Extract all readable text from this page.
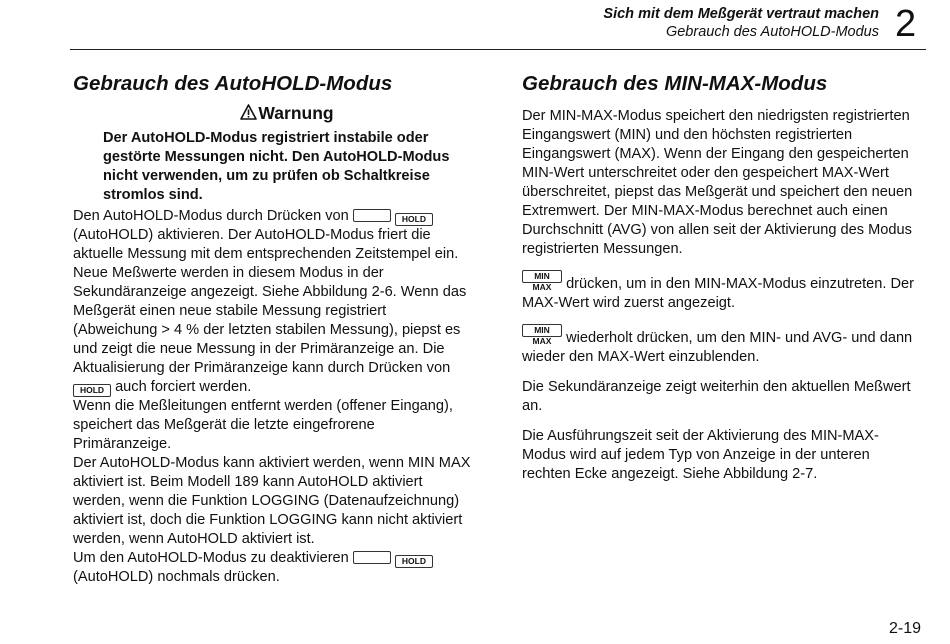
Sich mit dem Meßgerät vertraut machen
Gebrauch des AutoHOLD-Modus 2
Gebrauch des AutoHOLD-Modus
Warnung

Der AutoHOLD-Modus registriert instabile oder gestörte Messungen nicht. Den AutoHOLD-Modus nicht verwenden, um zu prüfen ob Schaltkreise stromlos sind.

Den AutoHOLD-Modus durch Drücken von	HOLD (AutoHOLD) aktivieren. Der AutoHOLD-Modus friert die aktuelle Messung mit dem entsprechenden Zeitstempel ein. Neue Meßwerte werden in diesem Modus in der Sekundäranzeige angezeigt. Siehe Abbildung 2-6. Wenn das Meßgerät einen neue stabile Messung registriert (Abweichung > 4 % der letzten stabilen Messung), piepst es und zeigt die neue Messung in der Primäranzeige an. Die Aktualisierung der Primäranzeige kann durch Drücken von HOLD auch forciert werden.

Wenn die Meßleitungen entfernt werden (offener Eingang), speichert das Meßgerät die letzte eingefrorene Primäranzeige.

Der AutoHOLD-Modus kann aktiviert werden, wenn MIN MAX aktiviert ist. Beim Modell 189 kann AutoHOLD aktiviert werden, wenn die Funktion LOGGING (Datenaufzeichnung) aktiviert ist, doch die Funktion LOGGING kann nicht aktiviert werden, wenn AutoHOLD aktiviert ist.

Um den AutoHOLD-Modus zu deaktivieren	HOLD (AutoHOLD) nochmals drücken.

Gebrauch des MIN-MAX-Modus

Der MIN-MAX-Modus speichert den niedrigsten registrierten Eingangswert (MIN) und den höchsten registrierten Eingangswert (MAX). Wenn der Eingang den gespeicherten MIN-Wert unterschreitet oder den gespeichert MAX-Wert überschreitet, piepst das Meßgerät und speichert den neuen Extremwert. Der MIN-MAX-Modus berechnet auch einen Durchschnitt (AVG) von allen seit der Aktivierung des Modus registrierten Messungen.

MIN MAX drücken, um in den MIN-MAX-Modus einzutreten. Der MAX-Wert wird zuerst angezeigt.

MIN MAX wiederholt drücken, um den MIN- und AVG- und dann wieder den MAX-Wert einzublenden.

Die Sekundäranzeige zeigt weiterhin den aktuellen Meßwert an.

Die Ausführungszeit seit der Aktivierung des MIN-MAX-Modus wird auf jedem Typ von Anzeige in der unteren rechten Ecke angezeigt. Siehe Abbildung 2-7.

2-19
